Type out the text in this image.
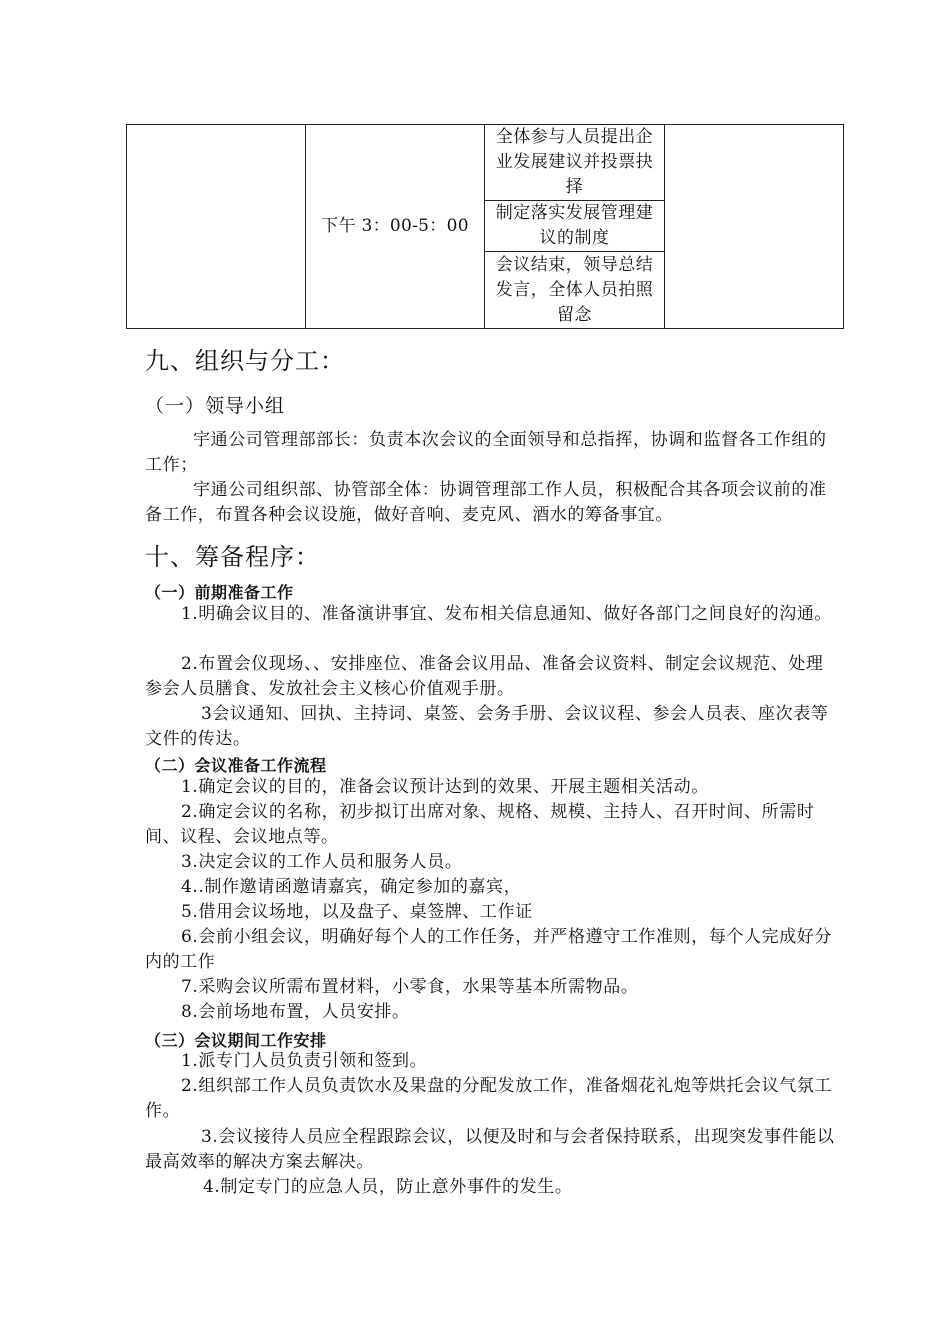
	下午 3：00-5：00	
全体参与人员提出企业发展建议并投票抉择

制定落实发展管理建议的制度

会议结束，领导总结发言，全体人员拍照留念
九、组织与分工：
（一）领导小组
宇通公司管理部部长：负责本次会议的全面领导和总指挥，协调和监督各工作组的工作；
宇通公司组织部、协管部全体：协调管理部工作人员，积极配合其各项会议前的准备工作，布置各种会议设施，做好音响、麦克风、酒水的筹备事宜。
十、筹备程序：
（一）前期准备工作
1.明确会议目的、准备演讲事宜、发布相关信息通知、做好各部门之间良好的沟通。
2.布置会仪现场、、安排座位、准备会议用品、准备会议资料、制定会议规范、处理参会人员膳食、发放社会主义核心价值观手册。
3会议通知、回执、主持词、桌签、会务手册、会议议程、参会人员表、座次表等文件的传达。
（二）会议准备工作流程
1.确定会议的目的，准备会议预计达到的效果、开展主题相关活动。
2.确定会议的名称，初步拟订出席对象、规格、规模、主持人、召开时间、所需时间、议程、会议地点等。
3.决定会议的工作人员和服务人员。
4..制作邀请函邀请嘉宾，确定参加的嘉宾，
5.借用会议场地，以及盘子、桌签牌、工作证
6.会前小组会议，明确好每个人的工作任务，并严格遵守工作准则，每个人完成好分内的工作
7.采购会议所需布置材料，小零食，水果等基本所需物品。
8.会前场地布置，人员安排。
（三）会议期间工作安排
1.派专门人员负责引领和签到。
2.组织部工作人员负责饮水及果盘的分配发放工作，准备烟花礼炮等烘托会议气氛工作。
3.会议接待人员应全程跟踪会议，以便及时和与会者保持联系，出现突发事件能以最高效率的解决方案去解决。
4.制定专门的应急人员，防止意外事件的发生。
